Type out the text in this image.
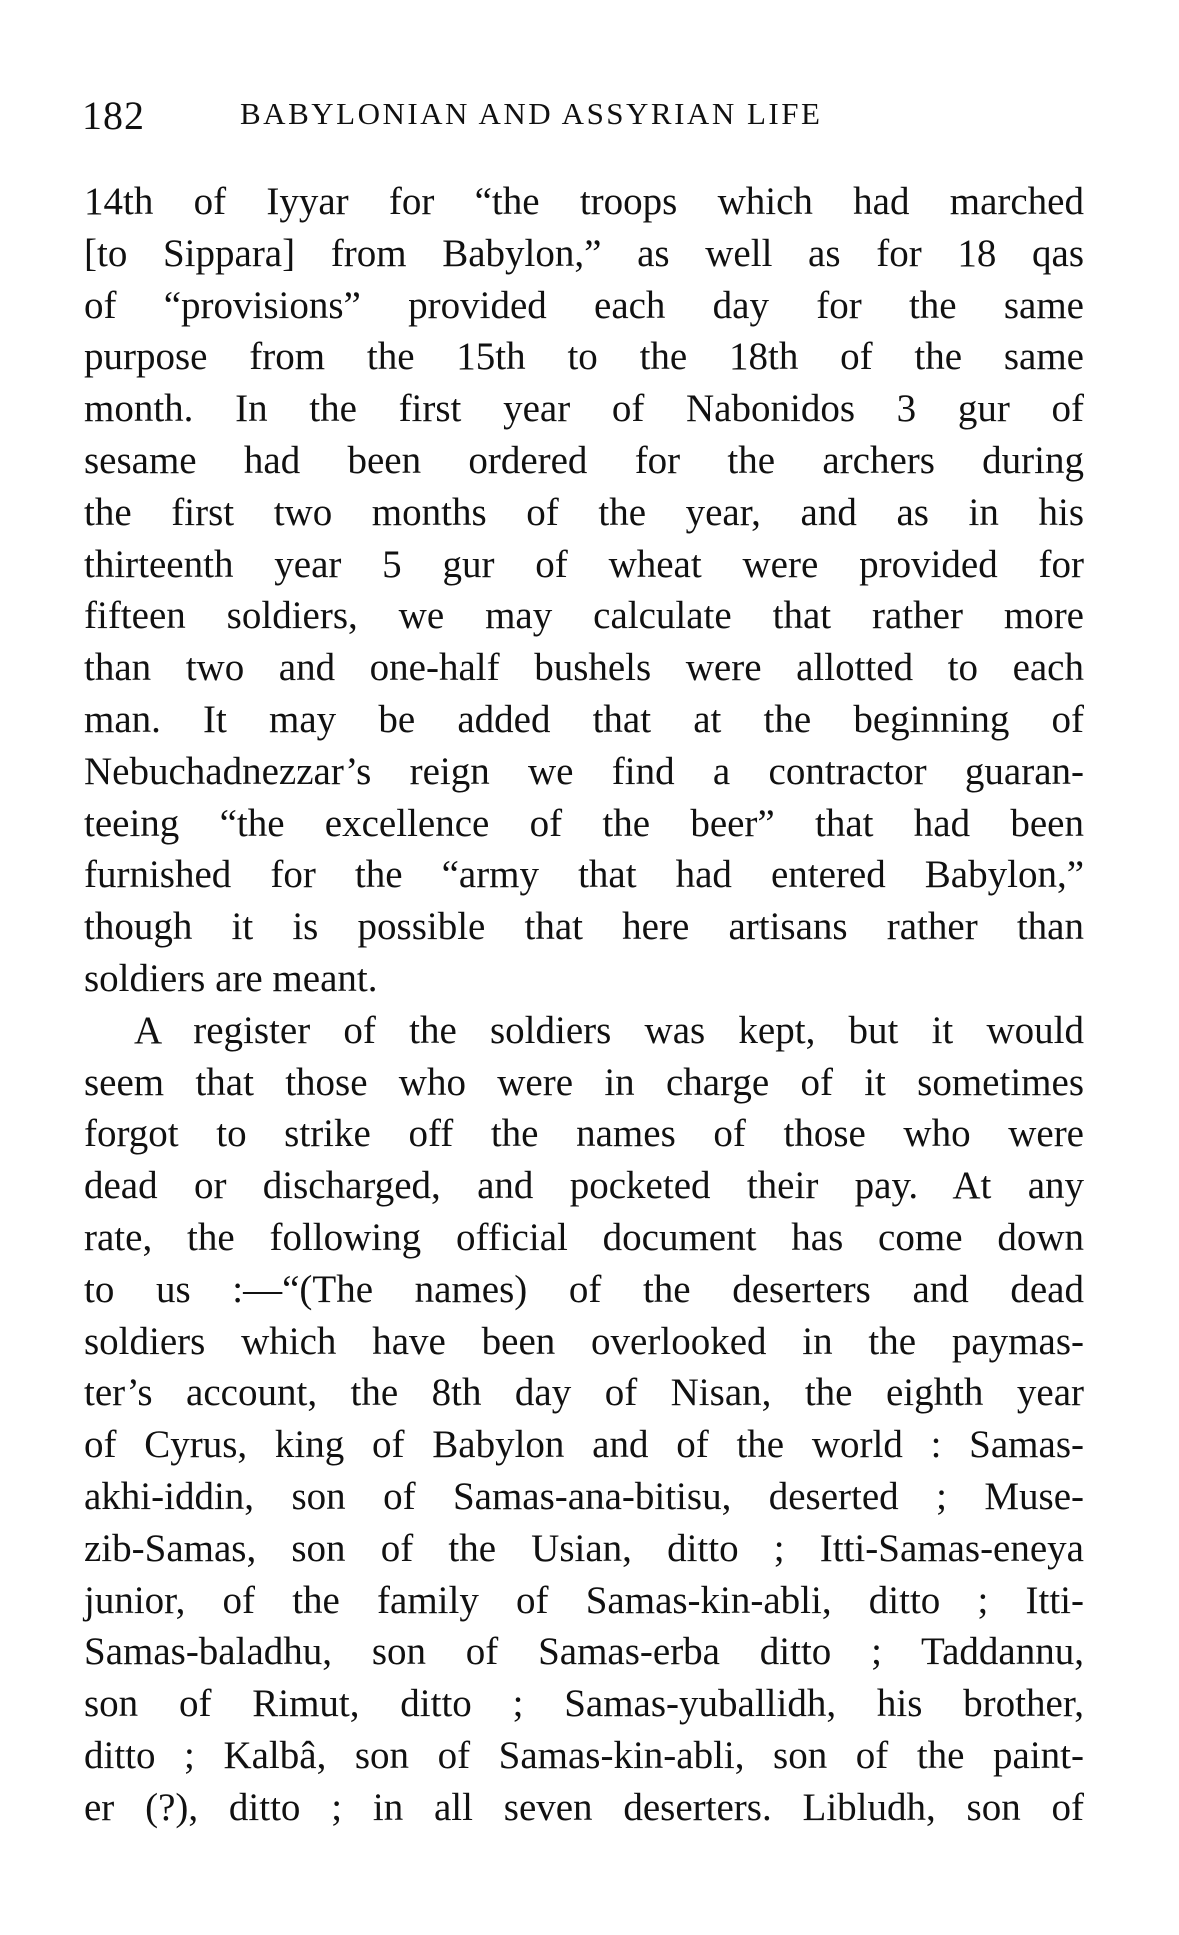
182	BABYLONIAN AND ASSYRIAN LIFE
14th of Iyyar for “the troops which had marched
[to Sippara] from Babylon,” as well as for 18 qas
of “provisions” provided each day for the same
purpose from the 15th to the 18th of the same
month. In the first year of Nabonidos 3 gur of
sesame had been ordered for the archers during
the first two months of the year, and as in his
thirteenth year 5 gur of wheat were provided for
fifteen soldiers, we may calculate that rather more
than two and one-half bushels were allotted to each
man. It may be added that at the beginning of
Nebuchadnezzar’s reign we find a contractor guaran-
teeing “the excellence of the beer” that had been
furnished for the “army that had entered Babylon,”
though it is possible that here artisans rather than
soldiers are meant.
A register of the soldiers was kept, but it would
seem that those who were in charge of it sometimes
forgot to strike off the names of those who were
dead or discharged, and pocketed their pay. At any
rate, the following official document has come down
to us :—“(The names) of the deserters and dead
soldiers which have been overlooked in the paymas-
ter’s account, the 8th day of Nisan, the eighth year
of Cyrus, king of Babylon and of the world : Samas-
akhi-iddin, son of Samas-ana-bitisu, deserted ; Muse-
zib-Samas, son of the Usian, ditto ; Itti-Samas-eneya
junior, of the family of Samas-kin-abli, ditto ; Itti-
Samas-baladhu, son of Samas-erba ditto ; Taddannu,
son of Rimut, ditto ; Samas-yuballidh, his brother,
ditto ; Kalbâ, son of Samas-kin-abli, son of the paint-
er (?), ditto ; in all seven deserters. Libludh, son of
